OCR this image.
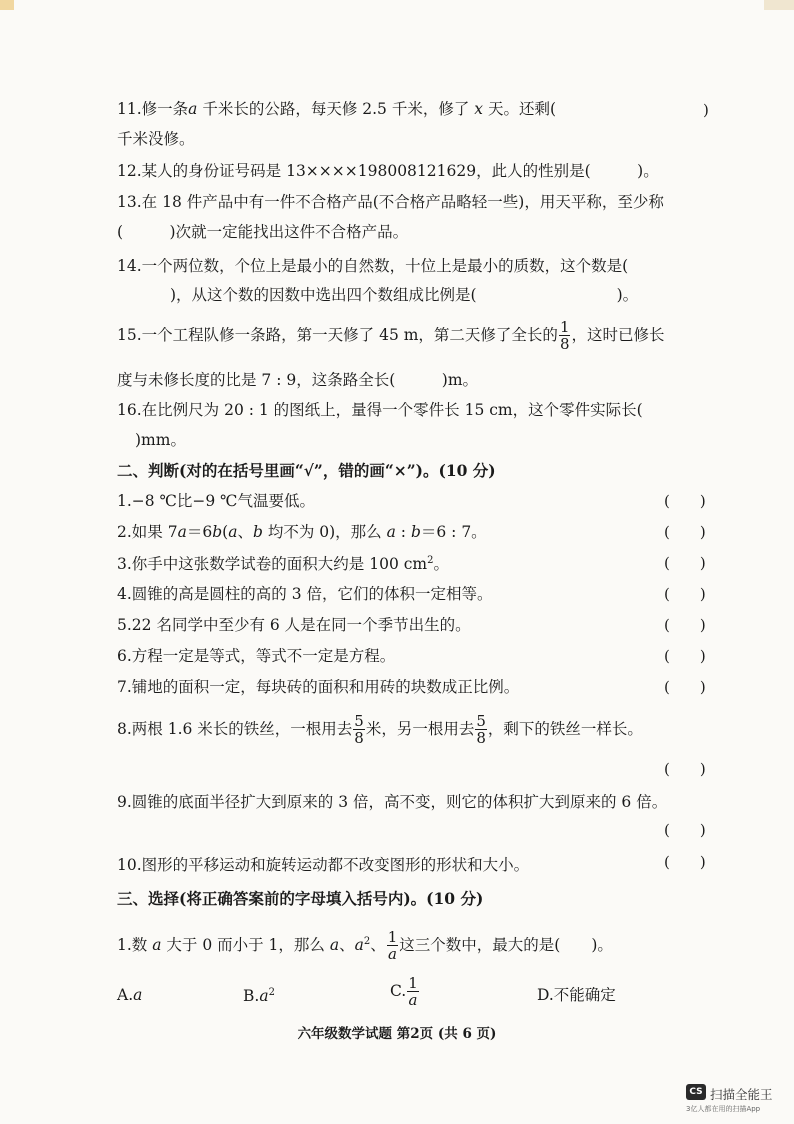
11.修一条a 千米长的公路，每天修 2.5 千米，修了 x 天。还剩(	)
千米没修。
12.某人的身份证号码是 13××××198008121629，此人的性别是(　　　	)。
13.在 18 件产品中有一件不合格产品(不合格产品略轻一些)，用天平称，至少称
(　　　)次就一定能找出这件不合格产品。
14.一个两位数，个位上是最小的自然数，十位上是最小的质数，这个数是(
)，从这个数的因数中选出四个数组成比例是(	)。
15.一个工程队修一条路，第一天修了 45 m，第二天修了全长的 $\frac{1}{8}$ ，这时已修长
度与未修长度的比是 7 : 9，这条路全长(　　　)m。
16.在比例尺为 20 : 1 的图纸上，量得一个零件长 15 cm，这个零件实际长(
)mm。
二、判断(对的在括号里画“√”，错的画“×”)。(10 分)
1.−8 ℃比−9 ℃气温要低。	(　　)
2.如果 7a＝6b(a、b 均不为 0)，那么 a : b＝6 : 7。	(　　)
3.你手中这张数学试卷的面积大约是 100 $cm^2$。	(　　)
4.圆锥的高是圆柱的高的 3 倍，它们的体积一定相等。	(　　)
5.22 名同学中至少有 6 人是在同一个季节出生的。	(　　)
6.方程一定是等式，等式不一定是方程。	(　　)
7.铺地的面积一定，每块砖的面积和用砖的块数成正比例。	(　　)
8.两根 1.6 米长的铁丝，一根用去 $\frac{5}{8}$ 米，另一根用去 $\frac{5}{8}$ ，剩下的铁丝一样长。
(　　)
9.圆锥的底面半径扩大到原来的 3 倍，高不变，则它的体积扩大到原来的 6 倍。
(　　)
10.图形的平移运动和旋转运动都不改变图形的形状和大小。	(　　)
三、选择(将正确答案前的字母填入括号内)。(10 分)
1.数 a 大于 0 而小于 1，那么 a、$a^2$、 $\frac{1}{a}$ 这三个数中，最大的是(　　)。
A.a	$B.a^2$	C. $\frac{1}{a}$	D.不能确定
六年级数学试题 第2页 (共 6 页)
CS 扫描全能王
3亿人都在用的扫描App
